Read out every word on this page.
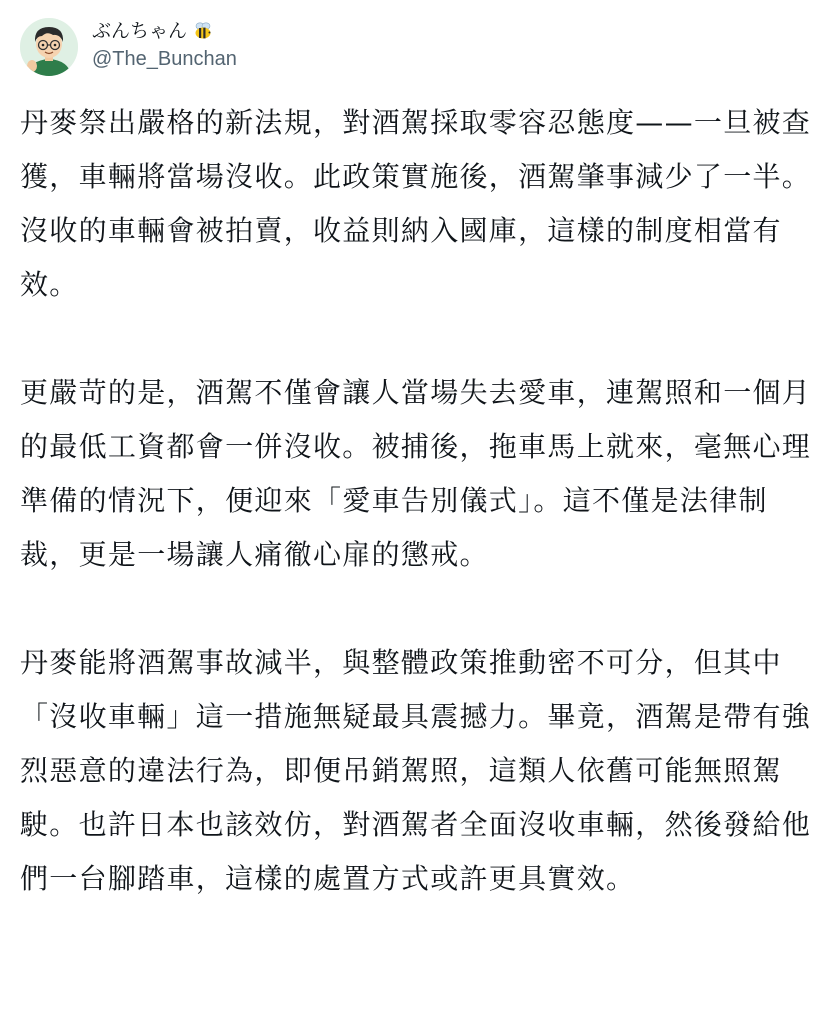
ぶんちゃん
@The_Bunchan

丹麥祭出嚴格的新法規，對酒駕採取零容忍態度——一旦被查獲，車輛將當場沒收。此政策實施後，酒駕肇事減少了一半。沒收的車輛會被拍賣，收益則納入國庫，這樣的制度相當有效。

更嚴苛的是，酒駕不僅會讓人當場失去愛車，連駕照和一個月的最低工資都會一併沒收。被捕後，拖車馬上就來，毫無心理準備的情況下，便迎來「愛車告別儀式」。這不僅是法律制裁，更是一場讓人痛徹心扉的懲戒。

丹麥能將酒駕事故減半，與整體政策推動密不可分，但其中「沒收車輛」這一措施無疑最具震撼力。畢竟，酒駕是帶有強烈惡意的違法行為，即便吊銷駕照，這類人依舊可能無照駕駛。也許日本也該效仿，對酒駕者全面沒收車輛，然後發給他們一台腳踏車，這樣的處置方式或許更具實效。
